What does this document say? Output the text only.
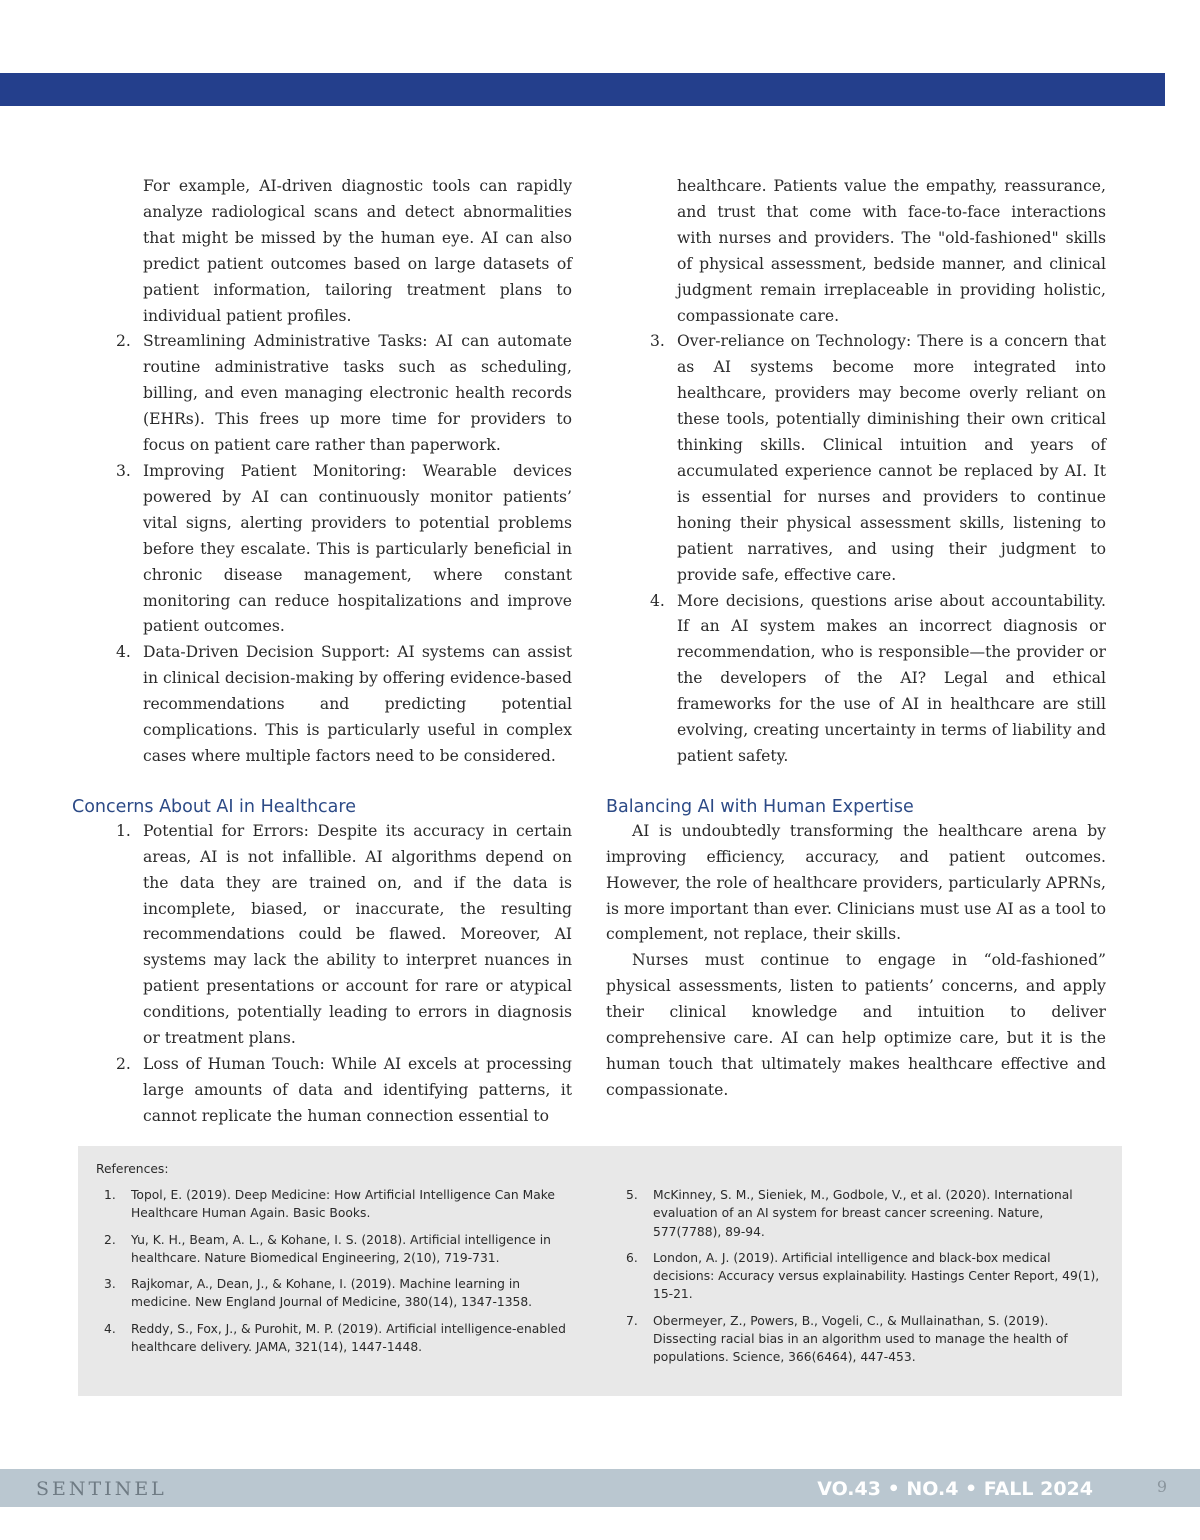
For example, AI-driven diagnostic tools can rapidly analyze radiological scans and detect abnormalities that might be missed by the human eye. AI can also predict patient outcomes based on large datasets of patient information, tailoring treatment plans to individual patient profiles.
2. Streamlining Administrative Tasks: AI can automate routine administrative tasks such as scheduling, billing, and even managing electronic health records (EHRs). This frees up more time for providers to focus on patient care rather than paperwork.
3. Improving Patient Monitoring: Wearable devices powered by AI can continuously monitor patients’ vital signs, alerting providers to potential problems before they escalate. This is particularly beneficial in chronic disease management, where constant monitoring can reduce hospitalizations and improve patient outcomes.
4. Data-Driven Decision Support: AI systems can assist in clinical decision-making by offering evidence-based recommendations and predicting potential complications. This is particularly useful in complex cases where multiple factors need to be considered.
Concerns About AI in Healthcare
1. Potential for Errors: Despite its accuracy in certain areas, AI is not infallible. AI algorithms depend on the data they are trained on, and if the data is incomplete, biased, or inaccurate, the resulting recommendations could be flawed. Moreover, AI systems may lack the ability to interpret nuances in patient presentations or account for rare or atypical conditions, potentially leading to errors in diagnosis or treatment plans.
2. Loss of Human Touch: While AI excels at processing large amounts of data and identifying patterns, it cannot replicate the human connection essential to
healthcare. Patients value the empathy, reassurance, and trust that come with face-to-face interactions with nurses and providers. The "old-fashioned" skills of physical assessment, bedside manner, and clinical judgment remain irreplaceable in providing holistic, compassionate care.
3. Over-reliance on Technology: There is a concern that as AI systems become more integrated into healthcare, providers may become overly reliant on these tools, potentially diminishing their own critical thinking skills. Clinical intuition and years of accumulated experience cannot be replaced by AI. It is essential for nurses and providers to continue honing their physical assessment skills, listening to patient narratives, and using their judgment to provide safe, effective care.
4. More decisions, questions arise about accountability. If an AI system makes an incorrect diagnosis or recommendation, who is responsible—the provider or the developers of the AI? Legal and ethical frameworks for the use of AI in healthcare are still evolving, creating uncertainty in terms of liability and patient safety.
Balancing AI with Human Expertise

AI is undoubtedly transforming the healthcare arena by improving efficiency, accuracy, and patient outcomes. However, the role of healthcare providers, particularly APRNs, is more important than ever. Clinicians must use AI as a tool to complement, not replace, their skills.

Nurses must continue to engage in “old-fashioned” physical assessments, listen to patients’ concerns, and apply their clinical knowledge and intuition to deliver comprehensive care. AI can help optimize care, but it is the human touch that ultimately makes healthcare effective and compassionate.

References:
1. Topol, E. (2019). Deep Medicine: How Artificial Intelligence Can Make Healthcare Human Again. Basic Books.
2. Yu, K. H., Beam, A. L., & Kohane, I. S. (2018). Artificial intelligence in healthcare. Nature Biomedical Engineering, 2(10), 719-731.
3. Rajkomar, A., Dean, J., & Kohane, I. (2019). Machine learning in medicine. New England Journal of Medicine, 380(14), 1347-1358.
4. Reddy, S., Fox, J., & Purohit, M. P. (2019). Artificial intelligence-enabled healthcare delivery. JAMA, 321(14), 1447-1448.
5. McKinney, S. M., Sieniek, M., Godbole, V., et al. (2020). International evaluation of an AI system for breast cancer screening. Nature, 577(7788), 89-94.
6. London, A. J. (2019). Artificial intelligence and black-box medical decisions: Accuracy versus explainability. Hastings Center Report, 49(1), 15-21.
7. Obermeyer, Z., Powers, B., Vogeli, C., & Mullainathan, S. (2019). Dissecting racial bias in an algorithm used to manage the health of populations. Science, 366(6464), 447-453.
SENTINEL	VO.43 • NO.4 • FALL 2024	9
